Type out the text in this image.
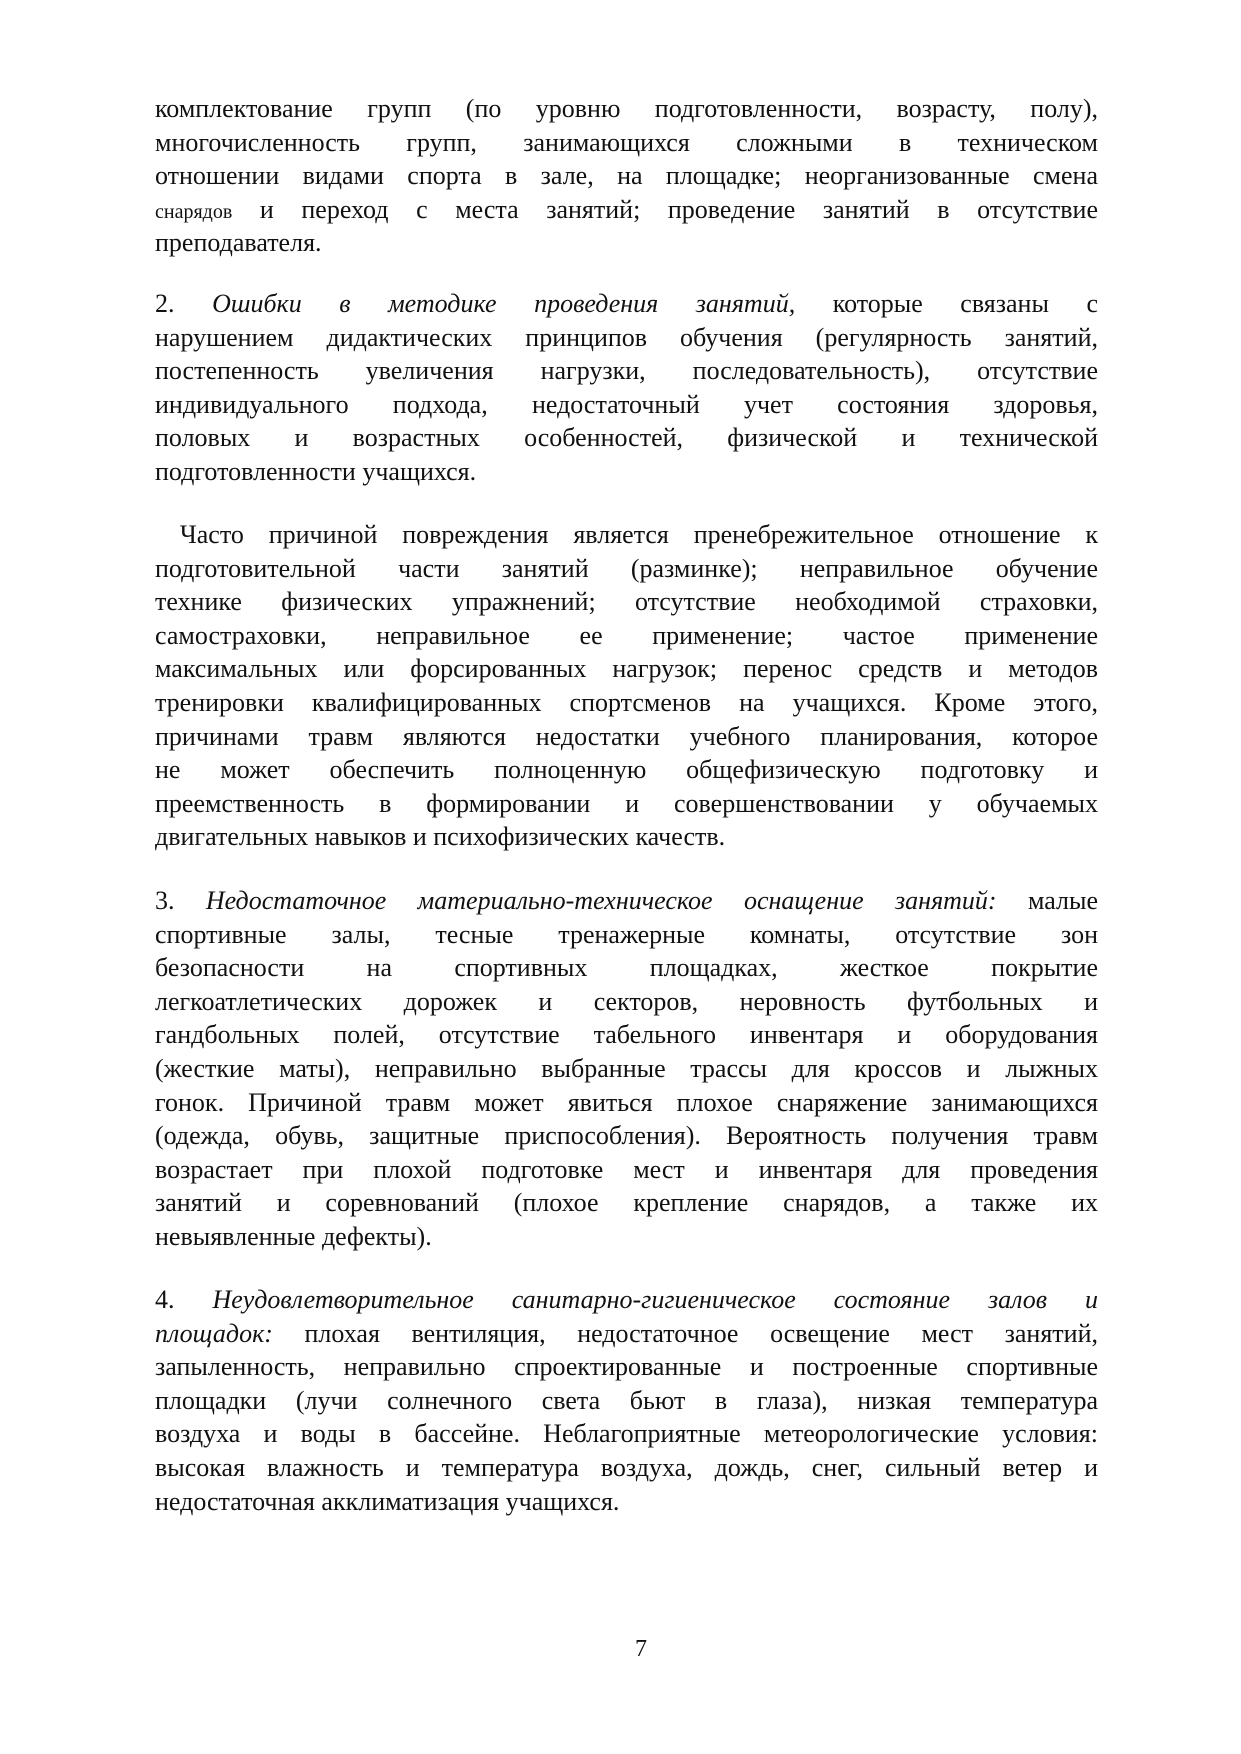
комплектование групп (по уровню подготовленности, возрасту, полу),
многочисленность групп, занимающихся сложными в техническом
отношении видами спорта в зале, на площадке; неорганизованные смена
снарядов и переход с места занятий; проведение занятий в отсутствие
преподавателя.
2. Ошибки в методике проведения занятий, которые связаны с
нарушением дидактических принципов обучения (регулярность занятий,
постепенность увеличения нагрузки, последовательность), отсутствие
индивидуального подхода, недостаточный учет состояния здоровья,
половых и возрастных особенностей, физической и технической
подготовленности учащихся.
Часто причиной повреждения является пренебрежительное отношение к
подготовительной части занятий (разминке); неправильное обучение
технике физических упражнений; отсутствие необходимой страховки,
самостраховки, неправильное ее применение; частое применение
максимальных или форсированных нагрузок; перенос средств и методов
тренировки квалифицированных спортсменов на учащихся. Кроме этого,
причинами травм являются недостатки учебного планирования, которое
не может обеспечить полноценную общефизическую подготовку и
преемственность в формировании и совершенствовании у обучаемых
двигательных навыков и психофизических качеств.
3. Недостаточное материально-техническое оснащение занятий: малые
спортивные залы, тесные тренажерные комнаты, отсутствие зон
безопасности на спортивных площадках, жесткое покрытие
легкоатлетических дорожек и секторов, неровность футбольных и
гандбольных полей, отсутствие табельного инвентаря и оборудования
(жесткие маты), неправильно выбранные трассы для кроссов и лыжных
гонок. Причиной травм может явиться плохое снаряжение занимающихся
(одежда, обувь, защитные приспособления). Вероятность получения травм
возрастает при плохой подготовке мест и инвентаря для проведения
занятий и соревнований (плохое крепление снарядов, а также их
невыявленные дефекты).
4. Неудовлетворительное санитарно-гигиеническое состояние залов и
площадок: плохая вентиляция, недостаточное освещение мест занятий,
запыленность, неправильно спроектированные и построенные спортивные
площадки (лучи солнечного света бьют в глаза), низкая температура
воздуха и воды в бассейне. Неблагоприятные метеорологические условия:
высокая влажность и температура воздуха, дождь, снег, сильный ветер и
недостаточная акклиматизация учащихся.
7
